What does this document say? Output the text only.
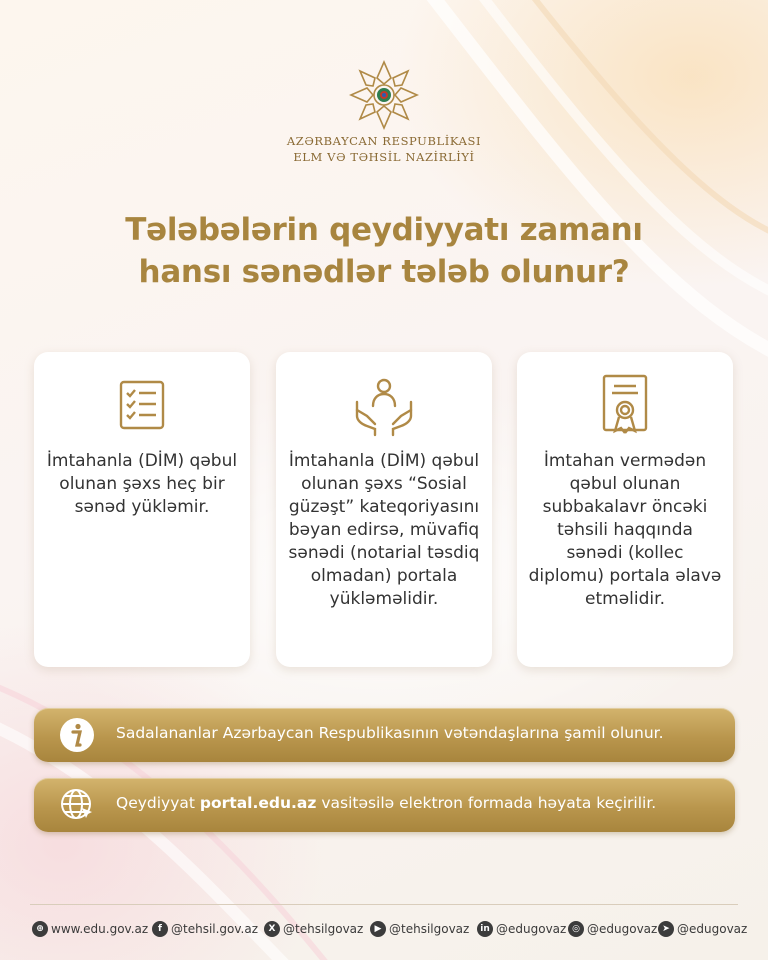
AZƏRBAYCAN RESPUBLİKASI
ELM VƏ TƏHSİL NAZİRLİYİ
Tələbələrin qeydiyyatı zamanı
hansı sənədlər tələb olunur?
İmtahanla (DİM) qəbul olunan şəxs heç bir sənəd yükləmir.
İmtahanla (DİM) qəbul olunan şəxs “Sosial güzəşt” kateqoriyasını bəyan edirsə, müvafiq sənədi (notarial təsdiq olmadan) portala yükləməlidir.
İmtahan vermədən qəbul olunan subbakalavr öncəki təhsili haqqında sənədi (kollec diplomu) portala əlavə etməlidir.
Sadalananlar Azərbaycan Respublikasının vətəndaşlarına şamil olunur.
Qeydiyyat portal.edu.az vasitəsilə elektron formada həyata keçirilir.
⊕ www.edu.gov.az	f @tehsil.gov.az	X @tehsilgovaz	▶ @tehsilgovaz	in @edugovaz ◎ @edugovaz ➤ @edugovaz
